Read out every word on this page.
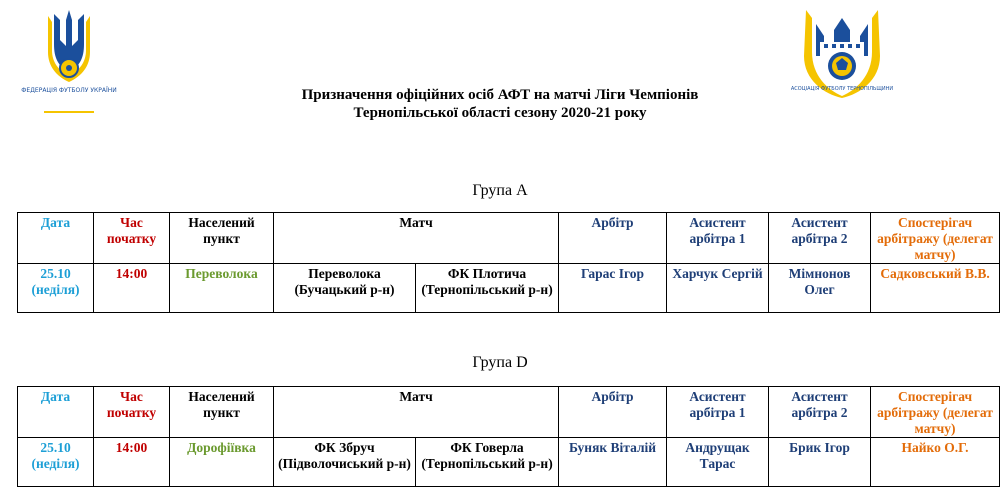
ФЕДЕРАЦІЯ ФУТБОЛУ УКРАЇНИ	АСОЦІАЦІЯ ФУТБОЛУ ТЕРНОПІЛЬЩИНИ
Призначення офіційних осіб АФТ на матчі Ліги Чемпіонів
Тернопільської області сезону 2020-21 року
Група А
Дата	Час початку	Населений пункт	Матч		Арбітр	Асистент арбітра 1	Асистент арбітра 2	Спостерігач арбітражу (делегат матчу)
25.10 (неділя)	14:00	Переволока	Переволока (Бучацький р-н)	ФК Плотича (Тернопільський р-н)	Гарас Ігор	Харчук Сергій	Мімнонов Олег	Садковський В.В.
Група D
Дата	Час початку	Населений пункт	Матч		Арбітр	Асистент арбітра 1	Асистент арбітра 2	Спостерігач арбітражу (делегат матчу)
25.10 (неділя)	14:00	Дорофіївка	ФК Збруч (Підволочиський р-н)	ФК Говерла (Тернопільський р-н)	Буняк Віталій	Андрущак Тарас	Брик Ігор	Найко О.Г.
